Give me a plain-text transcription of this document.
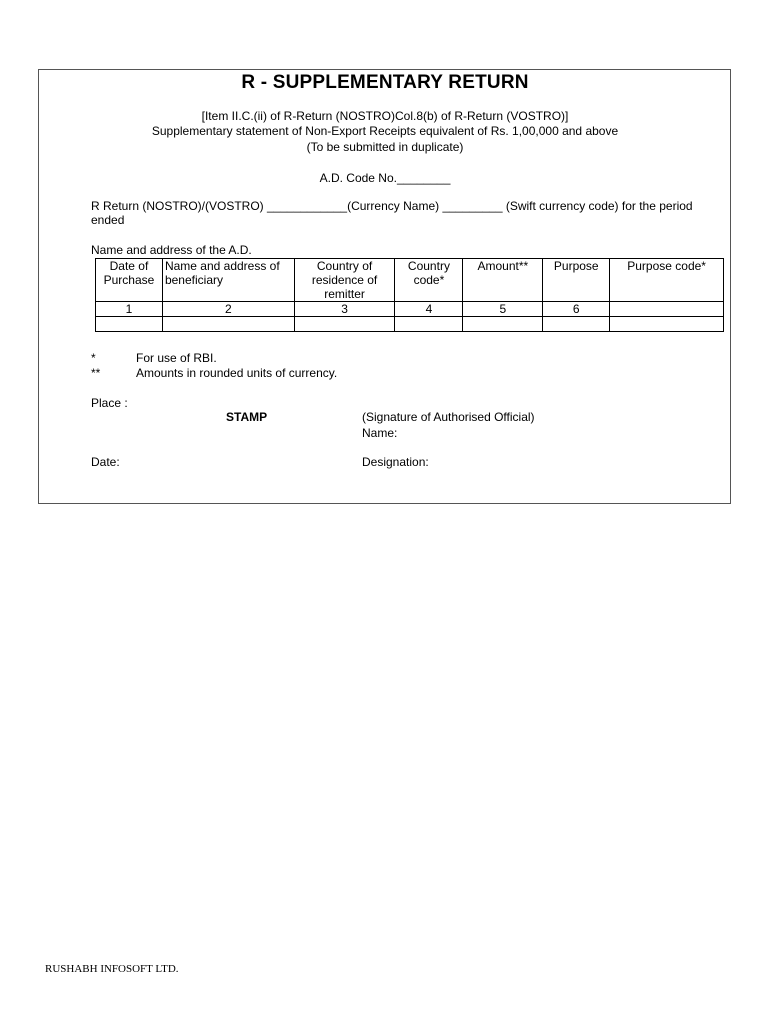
R - SUPPLEMENTARY RETURN
[Item II.C.(ii) of R-Return (NOSTRO)Col.8(b) of R-Return (VOSTRO)]
Supplementary statement of Non-Export Receipts equivalent of Rs. 1,00,000 and above
(To be submitted in duplicate)
A.D. Code No.________
R Return (NOSTRO)/(VOSTRO) ____________(Currency Name) _________ (Swift currency code) for the period ended
Name and address of the A.D.
Date of Purchase	Name and address of beneficiary	Country of residence of remitter	Country code*	Amount**	Purpose	Purpose code*
1	2	3	4	5	6	

*	For use of RBI.
**	Amounts in rounded units of currency.
Place :
STAMP	(Signature of Authorised Official)
Name:
Date:	Designation:
RUSHABH INFOSOFT LTD.
